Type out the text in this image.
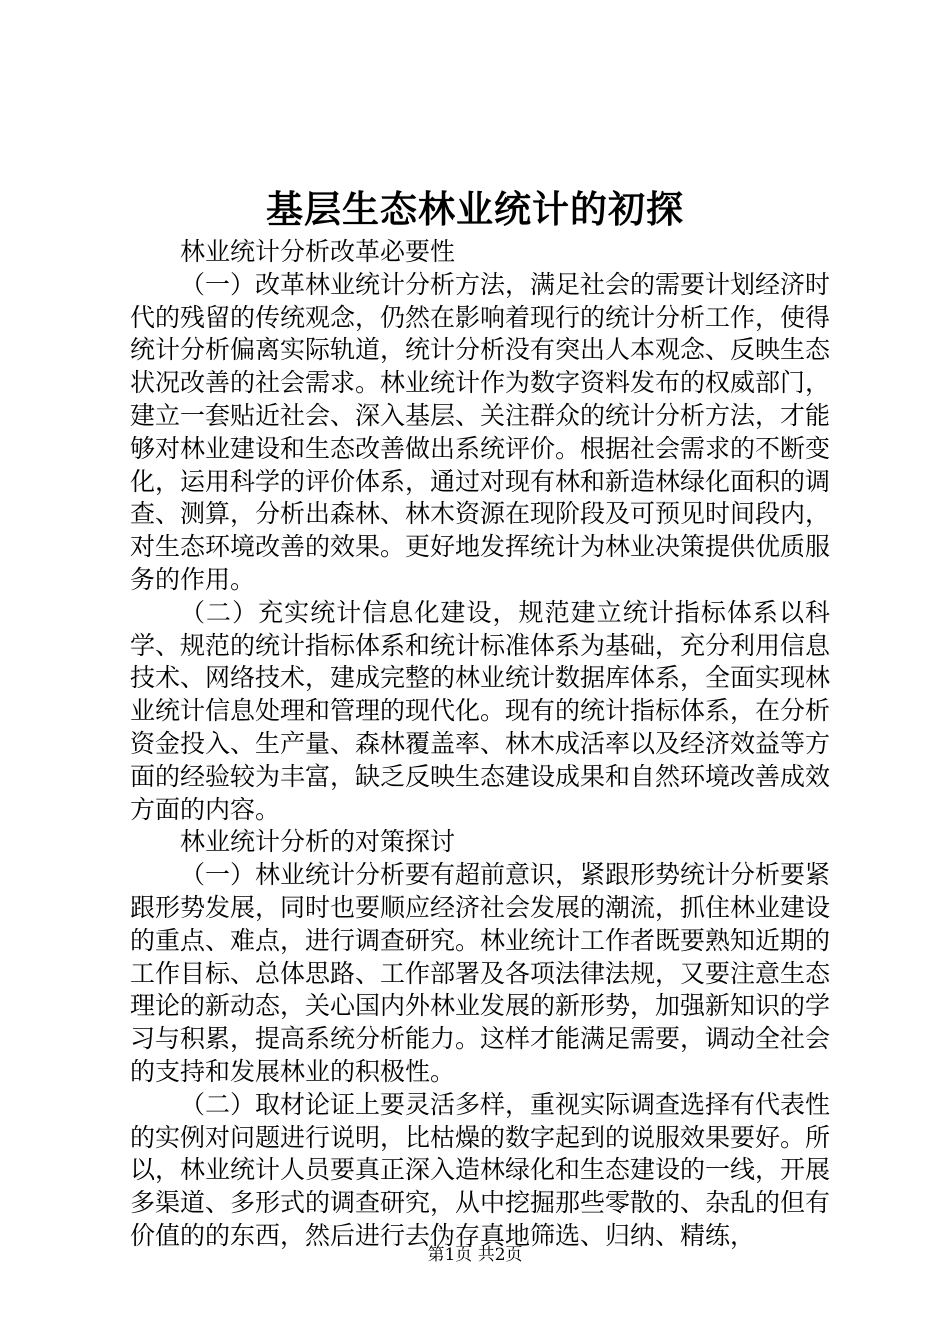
基层生态林业统计的初探

林业统计分析改革必要性

（一）改革林业统计分析方法，满足社会的需要计划经济时代的残留的传统观念，仍然在影响着现行的统计分析工作，使得统计分析偏离实际轨道，统计分析没有突出人本观念、反映生态状况改善的社会需求。林业统计作为数字资料发布的权威部门，建立一套贴近社会、深入基层、关注群众的统计分析方法，才能够对林业建设和生态改善做出系统评价。根据社会需求的不断变化，运用科学的评价体系，通过对现有林和新造林绿化面积的调查、测算，分析出森林、林木资源在现阶段及可预见时间段内，对生态环境改善的效果。更好地发挥统计为林业决策提供优质服务的作用。

（二）充实统计信息化建设，规范建立统计指标体系以科学、规范的统计指标体系和统计标准体系为基础，充分利用信息技术、网络技术，建成完整的林业统计数据库体系，全面实现林业统计信息处理和管理的现代化。现有的统计指标体系，在分析资金投入、生产量、森林覆盖率、林木成活率以及经济效益等方面的经验较为丰富，缺乏反映生态建设成果和自然环境改善成效方面的内容。

林业统计分析的对策探讨

（一）林业统计分析要有超前意识，紧跟形势统计分析要紧跟形势发展，同时也要顺应经济社会发展的潮流，抓住林业建设的重点、难点，进行调查研究。林业统计工作者既要熟知近期的工作目标、总体思路、工作部署及各项法律法规，又要注意生态理论的新动态，关心国内外林业发展的新形势，加强新知识的学习与积累，提高系统分析能力。这样才能满足需要，调动全社会的支持和发展林业的积极性。

（二）取材论证上要灵活多样，重视实际调查选择有代表性的实例对问题进行说明，比枯燥的数字起到的说服效果要好。所以，林业统计人员要真正深入造林绿化和生态建设的一线，开展多渠道、多形式的调查研究，从中挖掘那些零散的、杂乱的但有价值的的东西，然后进行去伪存真地筛选、归纳、精练，

第1页 共2页
